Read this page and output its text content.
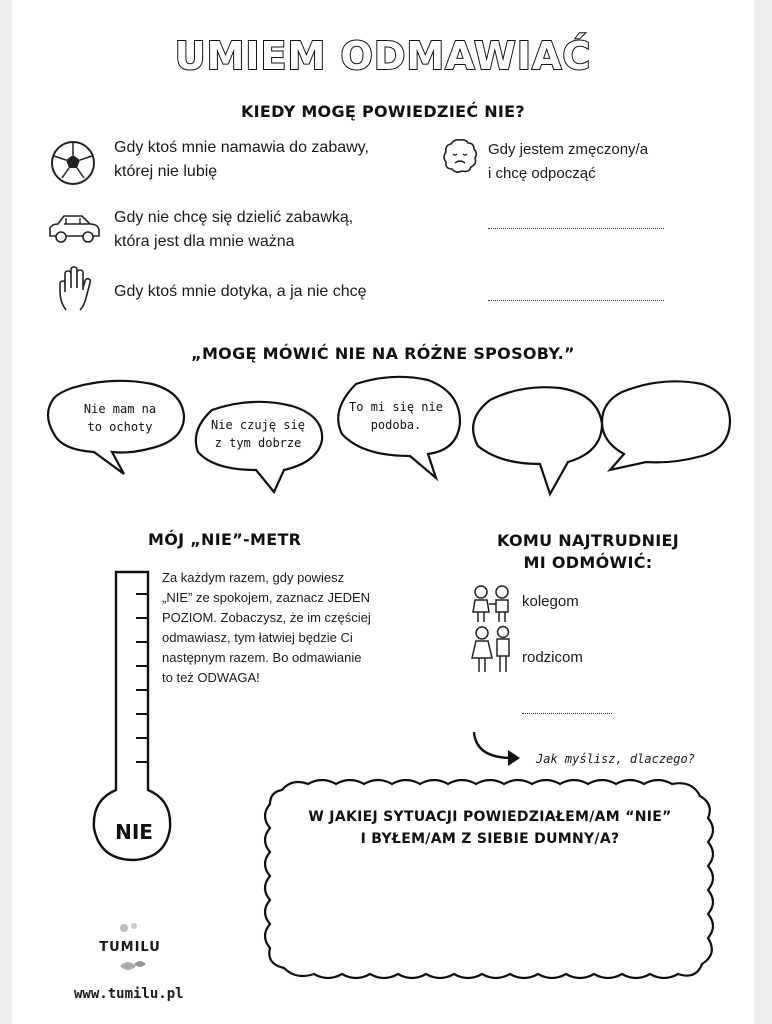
UMIEM ODMAWIAĆ
KIEDY MOGĘ POWIEDZIEĆ NIE?
Gdy ktoś mnie namawia do zabawy,
której nie lubię
Gdy jestem zmęczony/a
i chcę odpocząć
Gdy nie chcę się dzielić zabawką,
która jest dla mnie ważna
Gdy ktoś mnie dotyka, a ja nie chcę
„MOGĘ MÓWIĆ NIE NA RÓŻNE SPOSOBY.”
Nie mam na
to ochoty	Nie czuję się
z tym dobrze
To mi się nie
podoba.
MÓJ „NIE”-METR
NIE
Za każdym razem, gdy powiesz
„NIE” ze spokojem, zaznacz JEDEN
POZIOM. Zobaczysz, że im częściej
odmawiasz, tym łatwiej będzie Ci
następnym razem. Bo odmawianie
to też ODWAGA!
KOMU NAJTRUDNIEJ
MI ODMÓWIĆ:
kolegom
rodzicom
Jak myślisz, dlaczego?
W JAKIEJ SYTUACJI POWIEDZIAŁEM/AM “NIE”
I BYŁEM/AM Z SIEBIE DUMNY/A?
TUMILU
www.tumilu.pl
